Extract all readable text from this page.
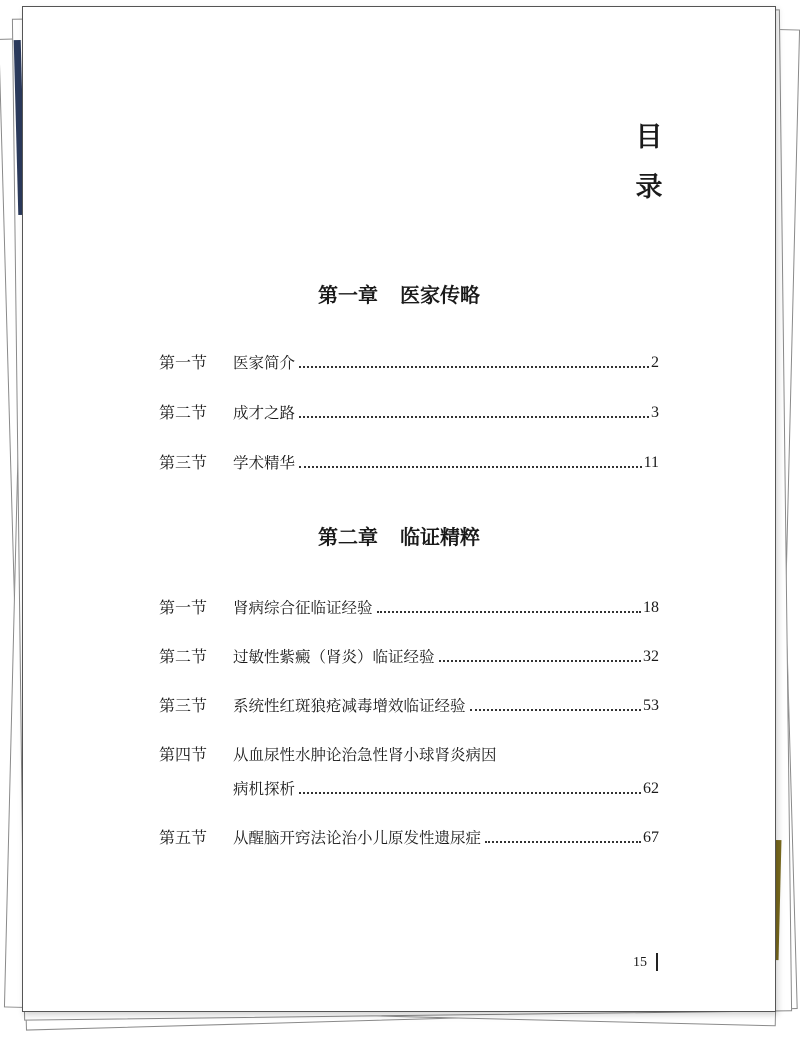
目
录
第一章 医家传略
第一节	医家简介	2
第二节	成才之路	3
第三节	学术精华	11
第二章 临证精粹
第一节	肾病综合征临证经验	18
第二节	过敏性紫癜（肾炎）临证经验	32
第三节	系统性红斑狼疮减毒增效临证经验	53
第四节	从血尿性水肿论治急性肾小球肾炎病因
病机探析	62
第五节	从醒脑开窍法论治小儿原发性遗尿症	67
15
